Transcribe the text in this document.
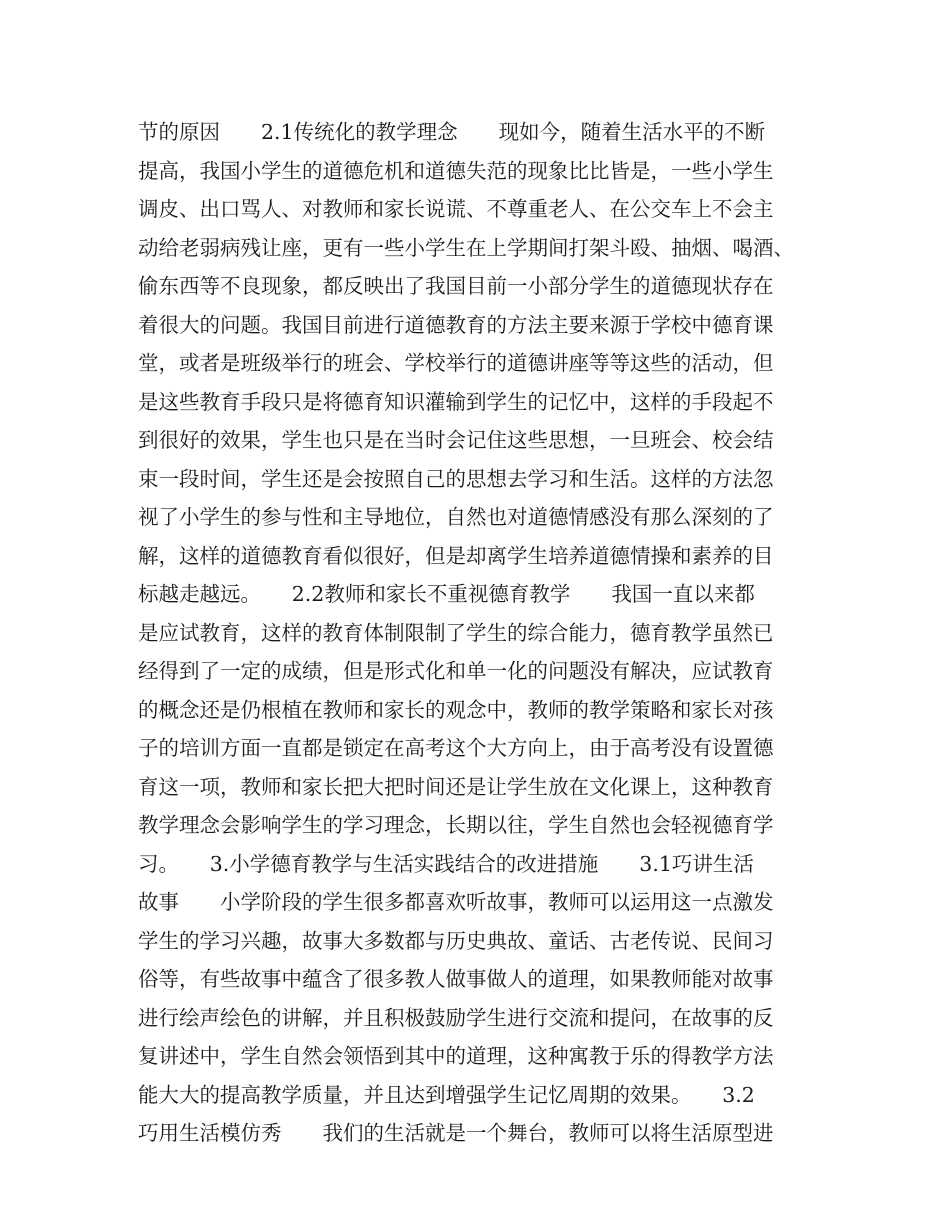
节的原因　　2.1传统化的教学理念　　现如今，随着生活水平的不断
提高，我国小学生的道德危机和道德失范的现象比比皆是，一些小学生
调皮、出口骂人、对教师和家长说谎、不尊重老人、在公交车上不会主
动给老弱病残让座，更有一些小学生在上学期间打架斗殴、抽烟、喝酒、
偷东西等不良现象，都反映出了我国目前一小部分学生的道德现状存在
着很大的问题。我国目前进行道德教育的方法主要来源于学校中德育课
堂，或者是班级举行的班会、学校举行的道德讲座等等这些的活动，但
是这些教育手段只是将德育知识灌输到学生的记忆中，这样的手段起不
到很好的效果，学生也只是在当时会记住这些思想，一旦班会、校会结
束一段时间，学生还是会按照自己的思想去学习和生活。这样的方法忽
视了小学生的参与性和主导地位，自然也对道德情感没有那么深刻的了
解，这样的道德教育看似很好，但是却离学生培养道德情操和素养的目
标越走越远。　　2.2教师和家长不重视德育教学　　我国一直以来都
是应试教育，这样的教育体制限制了学生的综合能力，德育教学虽然已
经得到了一定的成绩，但是形式化和单一化的问题没有解决，应试教育
的概念还是仍根植在教师和家长的观念中，教师的教学策略和家长对孩
子的培训方面一直都是锁定在高考这个大方向上，由于高考没有设置德
育这一项，教师和家长把大把时间还是让学生放在文化课上，这种教育
教学理念会影响学生的学习理念，长期以往，学生自然也会轻视德育学
习。　　3.小学德育教学与生活实践结合的改进措施　　3.1巧讲生活
故事　　小学阶段的学生很多都喜欢听故事，教师可以运用这一点激发
学生的学习兴趣，故事大多数都与历史典故、童话、古老传说、民间习
俗等，有些故事中蕴含了很多教人做事做人的道理，如果教师能对故事
进行绘声绘色的讲解，并且积极鼓励学生进行交流和提问，在故事的反
复讲述中，学生自然会领悟到其中的道理，这种寓教于乐的得教学方法
能大大的提高教学质量，并且达到增强学生记忆周期的效果。　　3.2
巧用生活模仿秀　　我们的生活就是一个舞台，教师可以将生活原型进
